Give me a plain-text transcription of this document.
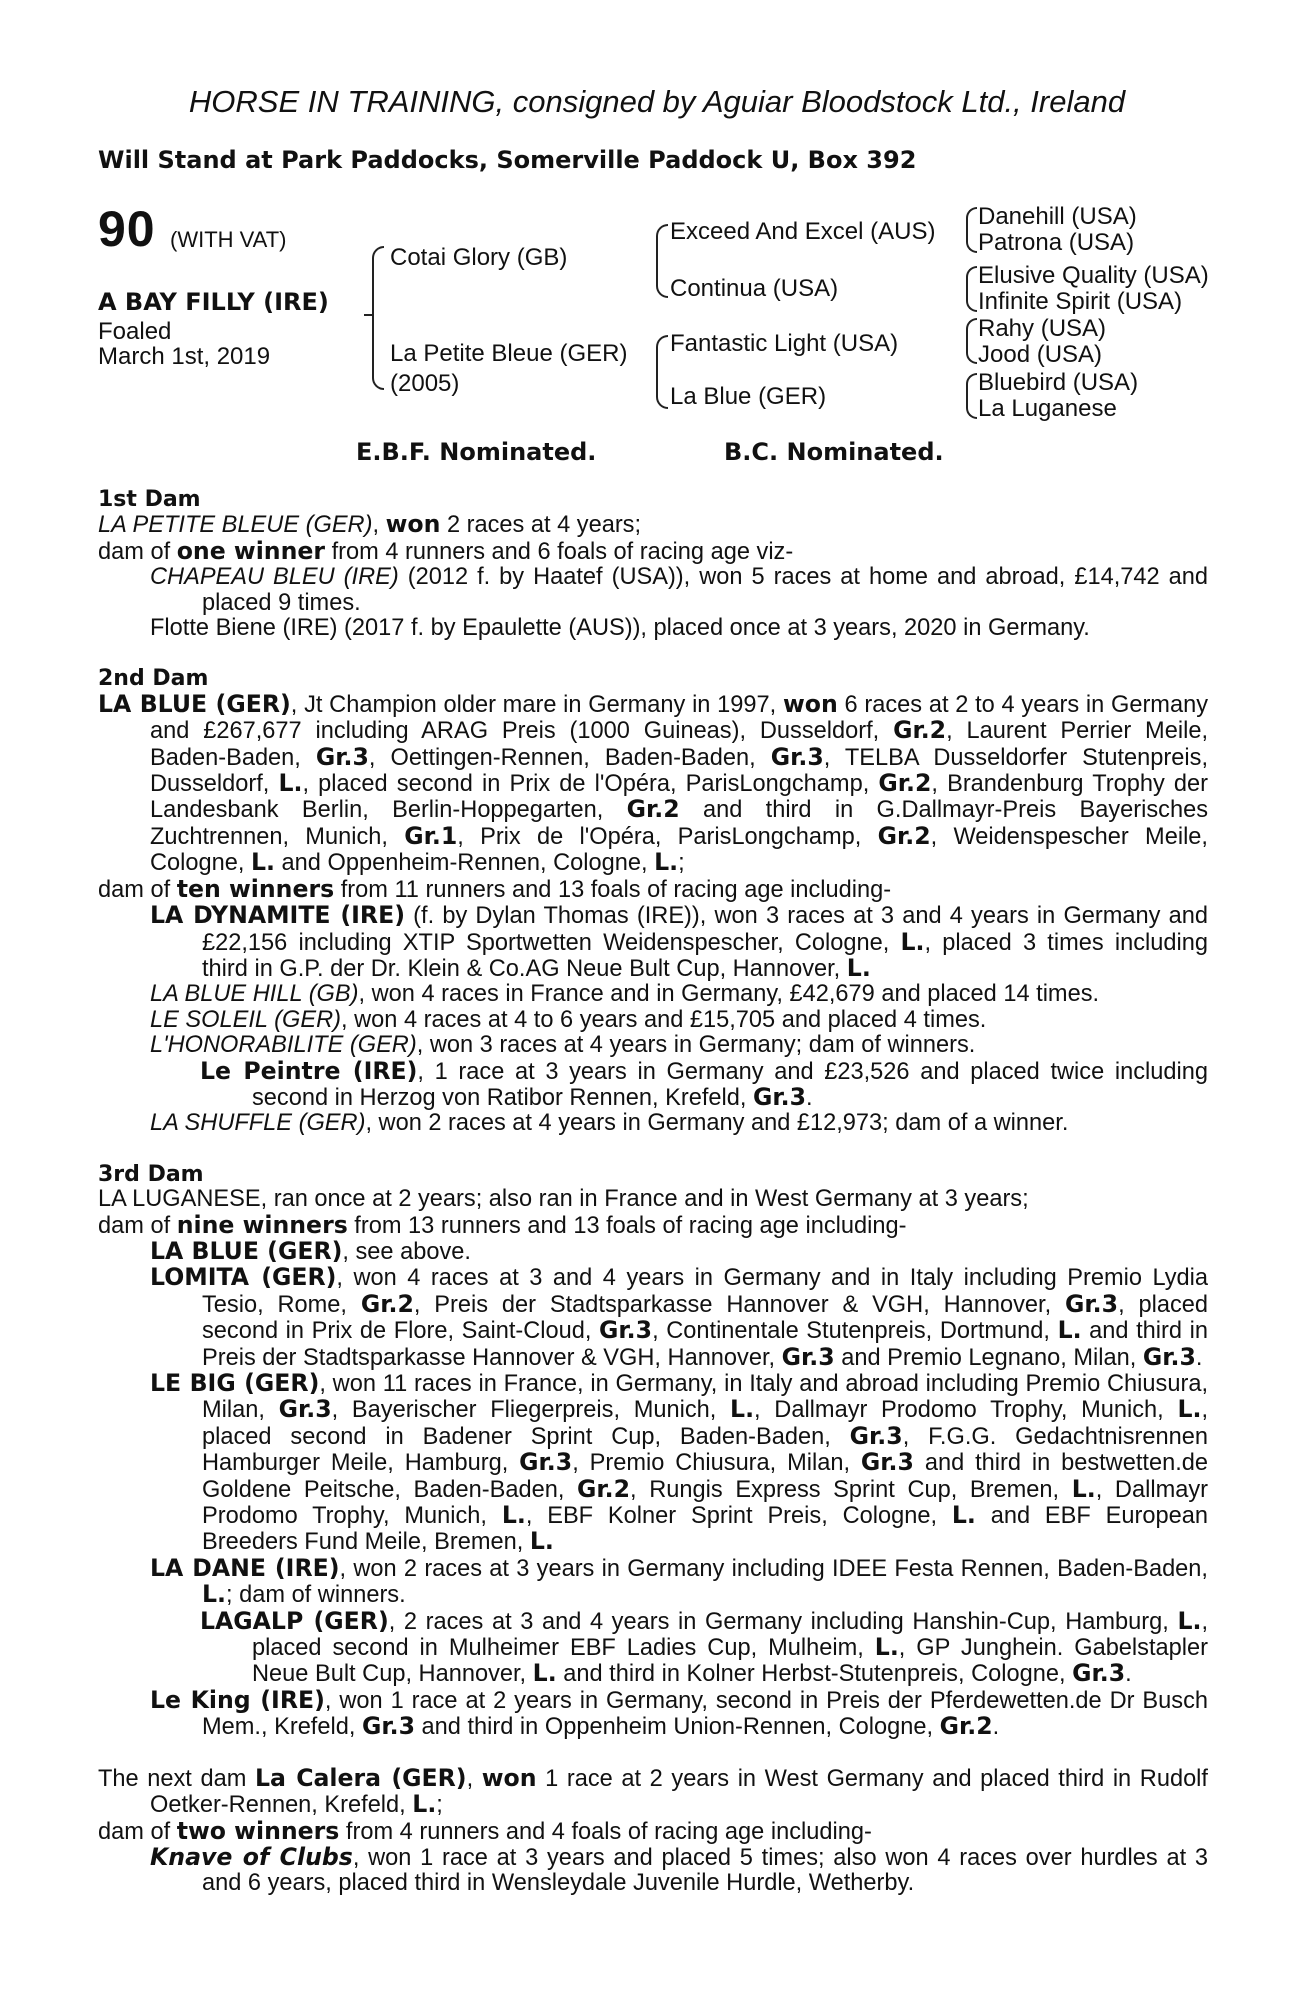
HORSE IN TRAINING, consigned by Aguiar Bloodstock Ltd., Ireland
Will Stand at Park Paddocks, Somerville Paddock U, Box 392
90 (WITH VAT)
A BAY FILLY (IRE)
Foaled
March 1st, 2019
Cotai Glory (GB)
La Petite Bleue (GER)
(2005)
Exceed And Excel (AUS)
Continua (USA)
Fantastic Light (USA)
La Blue (GER)
Danehill (USA)
Patrona (USA)
Elusive Quality (USA)
Infinite Spirit (USA)
Rahy (USA)
Jood (USA)
Bluebird (USA)
La Luganese
E.B.F. Nominated.	B.C. Nominated.
1st Dam

LA PETITE BLEUE (GER), won 2 races at 4 years;

dam of one winner from 4 runners and 6 foals of racing age viz-

CHAPEAU BLEU (IRE) (2012 f. by Haatef (USA)), won 5 races at home and abroad, £14,742 and placed 9 times.

Flotte Biene (IRE) (2017 f. by Epaulette (AUS)), placed once at 3 years, 2020 in Germany.

2nd Dam

LA BLUE (GER), Jt Champion older mare in Germany in 1997, won 6 races at 2 to 4 years in Germany and £267,677 including ARAG Preis (1000 Guineas), Dusseldorf, Gr.2, Laurent Perrier Meile, Baden-Baden, Gr.3, Oettingen-Rennen, Baden-Baden, Gr.3, TELBA Dusseldorfer Stutenpreis, Dusseldorf, L., placed second in Prix de l'Opéra, ParisLongchamp, Gr.2, Brandenburg Trophy der Landesbank Berlin, Berlin-Hoppegarten, Gr.2 and third in G.Dallmayr-Preis Bayerisches Zuchtrennen, Munich, Gr.1, Prix de l'Opéra, ParisLongchamp, Gr.2, Weidenspescher Meile, Cologne, L. and Oppenheim-Rennen, Cologne, L.;

dam of ten winners from 11 runners and 13 foals of racing age including-

LA DYNAMITE (IRE) (f. by Dylan Thomas (IRE)), won 3 races at 3 and 4 years in Germany and £22,156 including XTIP Sportwetten Weidenspescher, Cologne, L., placed 3 times including third in G.P. der Dr. Klein & Co.AG Neue Bult Cup, Hannover, L.

LA BLUE HILL (GB), won 4 races in France and in Germany, £42,679 and placed 14 times.

LE SOLEIL (GER), won 4 races at 4 to 6 years and £15,705 and placed 4 times.

L'HONORABILITE (GER), won 3 races at 4 years in Germany; dam of winners.

Le Peintre (IRE), 1 race at 3 years in Germany and £23,526 and placed twice including second in Herzog von Ratibor Rennen, Krefeld, Gr.3.

LA SHUFFLE (GER), won 2 races at 4 years in Germany and £12,973; dam of a winner.

3rd Dam

LA LUGANESE, ran once at 2 years; also ran in France and in West Germany at 3 years;

dam of nine winners from 13 runners and 13 foals of racing age including-

LA BLUE (GER), see above.

LOMITA (GER), won 4 races at 3 and 4 years in Germany and in Italy including Premio Lydia Tesio, Rome, Gr.2, Preis der Stadtsparkasse Hannover & VGH, Hannover, Gr.3, placed second in Prix de Flore, Saint-Cloud, Gr.3, Continentale Stutenpreis, Dortmund, L. and third in Preis der Stadtsparkasse Hannover & VGH, Hannover, Gr.3 and Premio Legnano, Milan, Gr.3.

LE BIG (GER), won 11 races in France, in Germany, in Italy and abroad including Premio Chiusura, Milan, Gr.3, Bayerischer Fliegerpreis, Munich, L., Dallmayr Prodomo Trophy, Munich, L., placed second in Badener Sprint Cup, Baden-Baden, Gr.3, F.G.G. Gedachtnisrennen Hamburger Meile, Hamburg, Gr.3, Premio Chiusura, Milan, Gr.3 and third in bestwetten.de Goldene Peitsche, Baden-Baden, Gr.2, Rungis Express Sprint Cup, Bremen, L., Dallmayr Prodomo Trophy, Munich, L., EBF Kolner Sprint Preis, Cologne, L. and EBF European Breeders Fund Meile, Bremen, L.

LA DANE (IRE), won 2 races at 3 years in Germany including IDEE Festa Rennen, Baden-Baden, L.; dam of winners.

LAGALP (GER), 2 races at 3 and 4 years in Germany including Hanshin-Cup, Hamburg, L., placed second in Mulheimer EBF Ladies Cup, Mulheim, L., GP Junghein. Gabelstapler Neue Bult Cup, Hannover, L. and third in Kolner Herbst-Stutenpreis, Cologne, Gr.3.

Le King (IRE), won 1 race at 2 years in Germany, second in Preis der Pferdewetten.de Dr Busch Mem., Krefeld, Gr.3 and third in Oppenheim Union-Rennen, Cologne, Gr.2.

The next dam La Calera (GER), won 1 race at 2 years in West Germany and placed third in Rudolf Oetker-Rennen, Krefeld, L.;

dam of two winners from 4 runners and 4 foals of racing age including-

Knave of Clubs, won 1 race at 3 years and placed 5 times; also won 4 races over hurdles at 3 and 6 years, placed third in Wensleydale Juvenile Hurdle, Wetherby.
